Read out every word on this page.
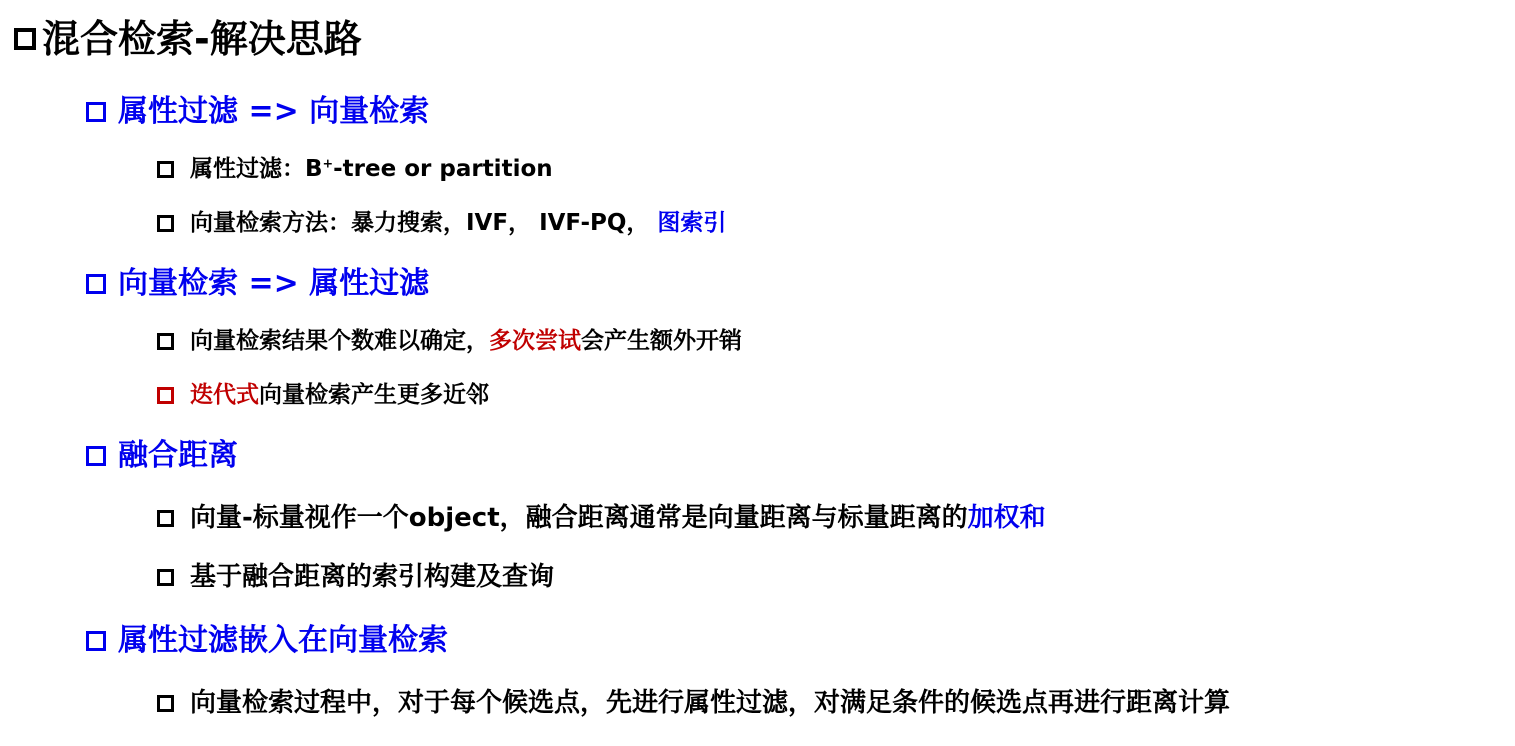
混合检索-解决思路
属性过滤 => 向量检索
属性过滤：B+-tree or partition
向量检索方法：暴力搜索，IVF， IVF-PQ， 图索引
向量检索 => 属性过滤
向量检索结果个数难以确定，多次尝试会产生额外开销
迭代式向量检索产生更多近邻
融合距离
向量-标量视作一个object，融合距离通常是向量距离与标量距离的加权和
基于融合距离的索引构建及查询
属性过滤嵌入在向量检索
向量检索过程中，对于每个候选点，先进行属性过滤，对满足条件的候选点再进行距离计算
